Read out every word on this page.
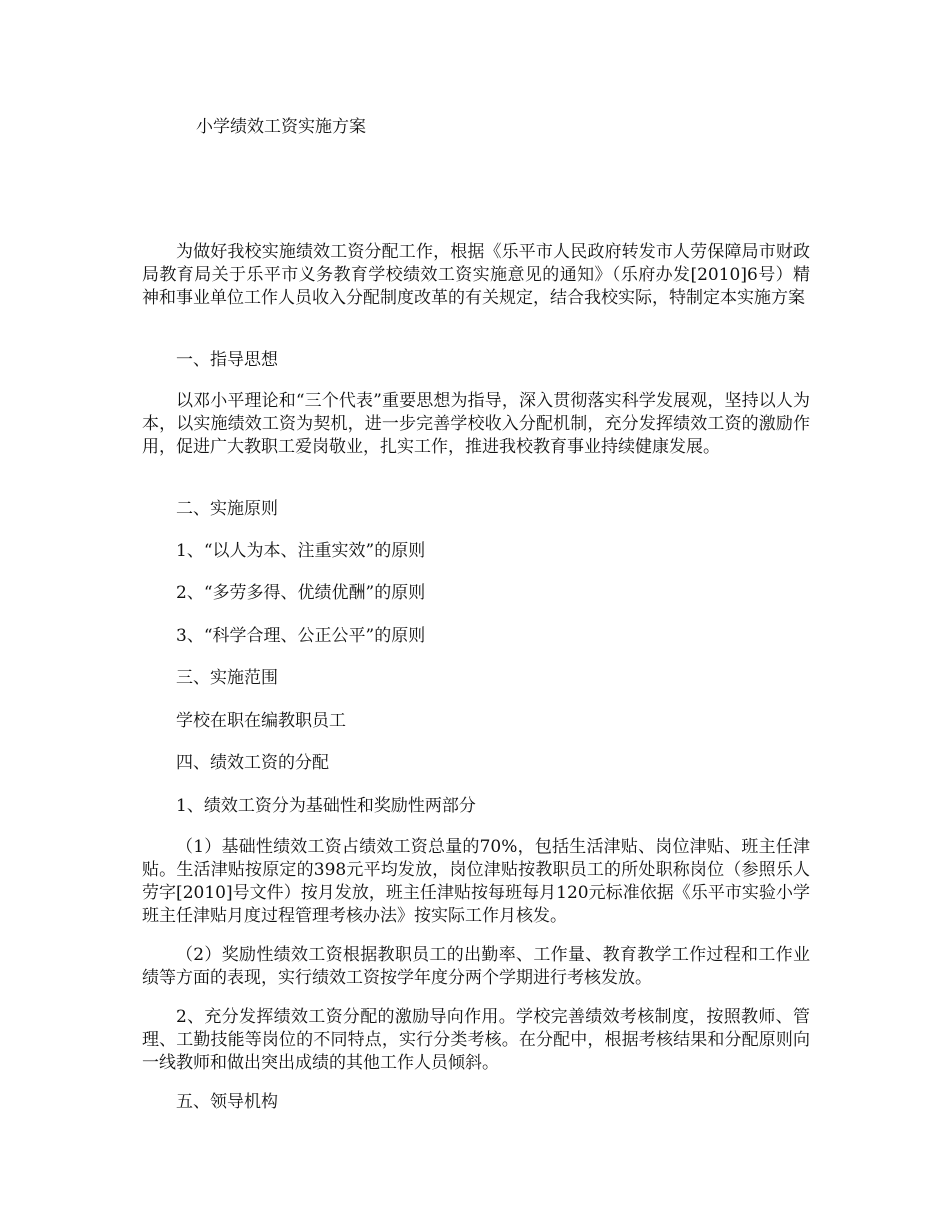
小学绩效工资实施方案

为做好我校实施绩效工资分配工作，根据《乐平市人民政府转发市人劳保障局市财政局教育局关于乐平市义务教育学校绩效工资实施意见的通知》（乐府办发[2010]6号）精神和事业单位工作人员收入分配制度改革的有关规定，结合我校实际，特制定本实施方案

一、指导思想

以邓小平理论和“三个代表”重要思想为指导，深入贯彻落实科学发展观，坚持以人为本，以实施绩效工资为契机，进一步完善学校收入分配机制，充分发挥绩效工资的激励作用，促进广大教职工爱岗敬业，扎实工作，推进我校教育事业持续健康发展。

二、实施原则
1、“以人为本、注重实效”的原则
2、“多劳多得、优绩优酬”的原则
3、“科学合理、公正公平”的原则
三、实施范围
学校在职在编教职员工
四、绩效工资的分配
1、绩效工资分为基础性和奖励性两部分

（1）基础性绩效工资占绩效工资总量的70%，包括生活津贴、岗位津贴、班主任津贴。生活津贴按原定的398元平均发放，岗位津贴按教职员工的所处职称岗位（参照乐人劳字[2010]号文件）按月发放，班主任津贴按每班每月120元标准依据《乐平市实验小学班主任津贴月度过程管理考核办法》按实际工作月核发。

（2）奖励性绩效工资根据教职员工的出勤率、工作量、教育教学工作过程和工作业绩等方面的表现，实行绩效工资按学年度分两个学期进行考核发放。

2、充分发挥绩效工资分配的激励导向作用。学校完善绩效考核制度，按照教师、管理、工勤技能等岗位的不同特点，实行分类考核。在分配中，根据考核结果和分配原则向一线教师和做出突出成绩的其他工作人员倾斜。

五、领导机构
